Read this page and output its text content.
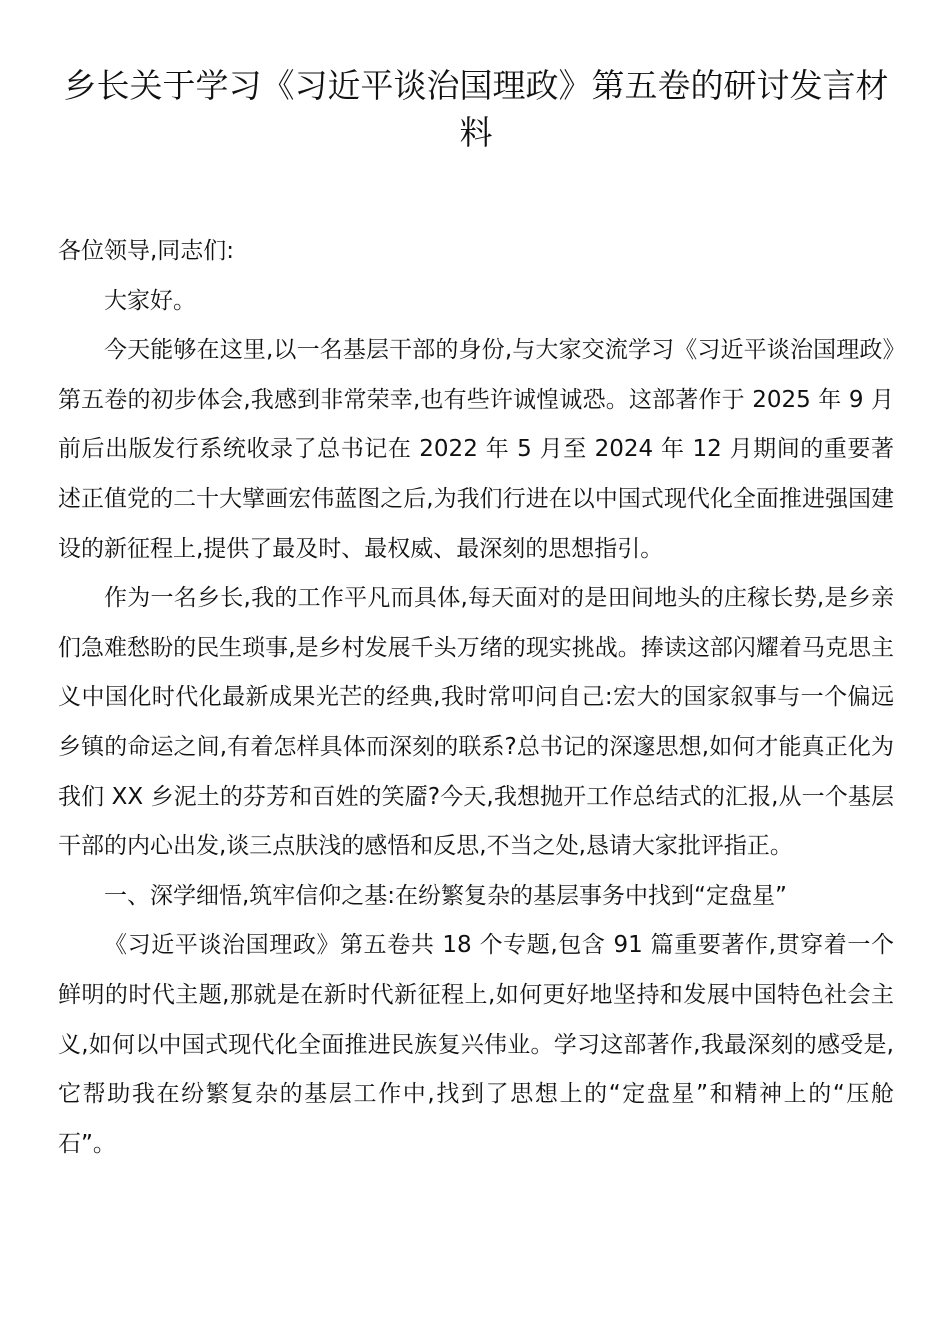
乡长关于学习《习近平谈治国理政》第五卷的研讨发言材料

各位领导,同志们:

大家好。

今天能够在这里,以一名基层干部的身份,与大家交流学习《习近平谈治国理政》第五卷的初步体会,我感到非常荣幸,也有些许诚惶诚恐。这部著作于 2025 年 9 月前后出版发行系统收录了总书记在 2022 年 5 月至 2024 年 12 月期间的重要著述正值党的二十大擘画宏伟蓝图之后,为我们行进在以中国式现代化全面推进强国建设的新征程上,提供了最及时、最权威、最深刻的思想指引。

作为一名乡长,我的工作平凡而具体,每天面对的是田间地头的庄稼长势,是乡亲们急难愁盼的民生琐事,是乡村发展千头万绪的现实挑战。捧读这部闪耀着马克思主义中国化时代化最新成果光芒的经典,我时常叩问自己:宏大的国家叙事与一个偏远乡镇的命运之间,有着怎样具体而深刻的联系?总书记的深邃思想,如何才能真正化为我们 XX 乡泥土的芬芳和百姓的笑靥?今天,我想抛开工作总结式的汇报,从一个基层干部的内心出发,谈三点肤浅的感悟和反思,不当之处,恳请大家批评指正。

一、深学细悟,筑牢信仰之基:在纷繁复杂的基层事务中找到“定盘星”

《习近平谈治国理政》第五卷共 18 个专题,包含 91 篇重要著作,贯穿着一个鲜明的时代主题,那就是在新时代新征程上,如何更好地坚持和发展中国特色社会主义,如何以中国式现代化全面推进民族复兴伟业。学习这部著作,我最深刻的感受是,它帮助我在纷繁复杂的基层工作中,找到了思想上的“定盘星”和精神上的“压舱石”。
